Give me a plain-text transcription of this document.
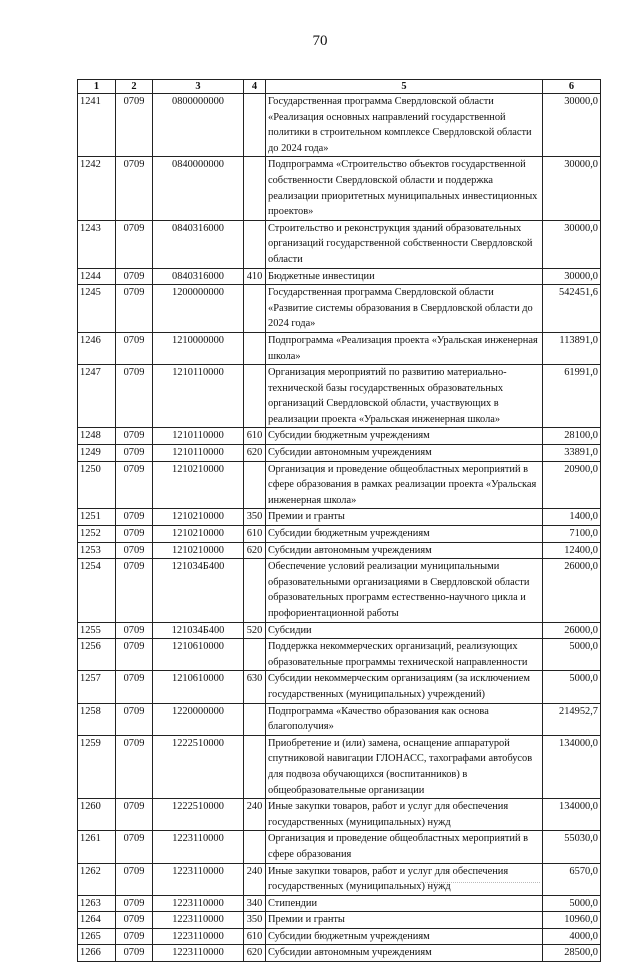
70
1	2	3	4	5	6
1241	0709	0800000000		Государственная программа Свердловской области «Реализация основных направлений государственной политики в строительном комплексе Свердловской области до 2024 года»	30000,0
1242	0709	0840000000		Подпрограмма «Строительство объектов государственной собственности Свердловской области и поддержка реализации приоритетных муниципальных инвестиционных проектов»	30000,0
1243	0709	0840316000		Строительство и реконструкция зданий образовательных организаций государственной собственности Свердловской области	30000,0
1244	0709	0840316000	410	Бюджетные инвестиции	30000,0
1245	0709	1200000000		Государственная программа Свердловской области «Развитие системы образования в Свердловской области до 2024 года»	542451,6
1246	0709	1210000000		Подпрограмма «Реализация проекта «Уральская инженерная школа»	113891,0
1247	0709	1210110000		Организация мероприятий по развитию материально-технической базы государственных образовательных организаций Свердловской области, участвующих в реализации проекта «Уральская инженерная школа»	61991,0
1248	0709	1210110000	610	Субсидии бюджетным учреждениям	28100,0
1249	0709	1210110000	620	Субсидии автономным учреждениям	33891,0
1250	0709	1210210000		Организация и проведение общеобластных мероприятий в сфере образования в рамках реализации проекта «Уральская инженерная школа»	20900,0
1251	0709	1210210000	350	Премии и гранты	1400,0
1252	0709	1210210000	610	Субсидии бюджетным учреждениям	7100,0
1253	0709	1210210000	620	Субсидии автономным учреждениям	12400,0
1254	0709	121034Б400		Обеспечение условий реализации муниципальными образовательными организациями в Свердловской области образовательных программ естественно-научного цикла и профориентационной работы	26000,0
1255	0709	121034Б400	520	Субсидии	26000,0
1256	0709	1210610000		Поддержка некоммерческих организаций, реализующих образовательные программы технической направленности	5000,0
1257	0709	1210610000	630	Субсидии некоммерческим организациям (за исключением государственных (муниципальных) учреждений)	5000,0
1258	0709	1220000000		Подпрограмма «Качество образования как основа благополучия»	214952,7
1259	0709	1222510000		Приобретение и (или) замена, оснащение аппаратурой спутниковой навигации ГЛОНАСС, тахографами автобусов для подвоза обучающихся (воспитанников) в общеобразовательные организации	134000,0
1260	0709	1222510000	240	Иные закупки товаров, работ и услуг для обеспечения государственных (муниципальных) нужд	134000,0
1261	0709	1223110000		Организация и проведение общеобластных мероприятий в сфере образования	55030,0
1262	0709	1223110000	240	Иные закупки товаров, работ и услуг для обеспечения государственных (муниципальных) нужд	6570,0
1263	0709	1223110000	340	Стипендии	5000,0
1264	0709	1223110000	350	Премии и гранты	10960,0
1265	0709	1223110000	610	Субсидии бюджетным учреждениям	4000,0
1266	0709	1223110000	620	Субсидии автономным учреждениям	28500,0
